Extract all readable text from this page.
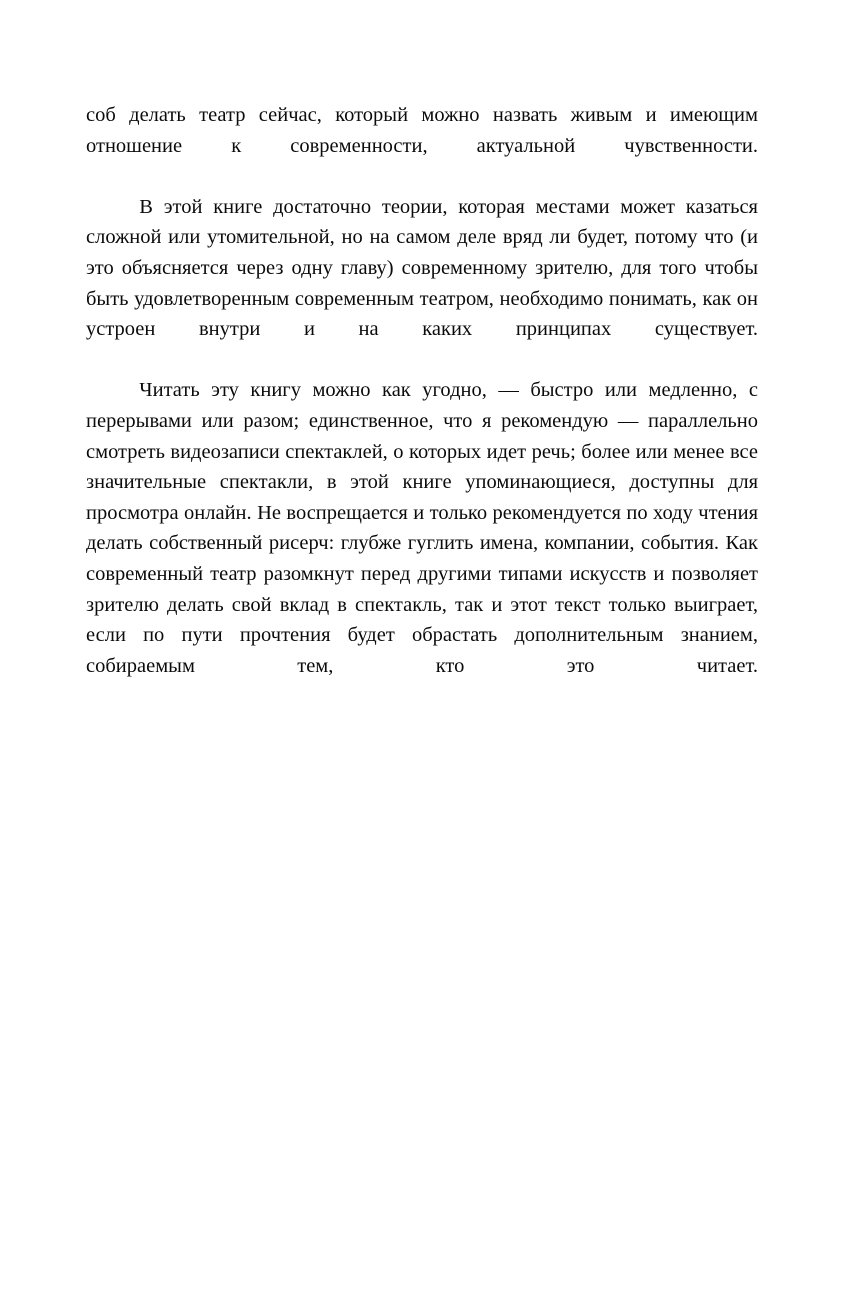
соб делать театр сейчас, который можно назвать живым и имеющим отношение к современности, актуальной чувственности.

В этой книге достаточно теории, которая местами может казаться сложной или утомительной, но на самом деле вряд ли будет, потому что (и это объясняется через одну главу) современному зрителю, для того чтобы быть удовлетворенным современным театром, необходимо понимать, как он устроен внутри и на каких принципах существует.

Читать эту книгу можно как угодно, — быстро или медленно, с перерывами или разом; единственное, что я рекомендую — параллельно смотреть видеозаписи спектаклей, о которых идет речь; более или менее все значительные спектакли, в этой книге упоминающиеся, доступны для просмотра онлайн. Не воспрещается и только рекомендуется по ходу чтения делать собственный рисерч: глубже гуглить имена, компании, события. Как современный театр разомкнут перед другими типами искусств и позволяет зрителю делать свой вклад в спектакль, так и этот текст только выиграет, если по пути прочтения будет обрастать дополнительным знанием, собираемым тем, кто это читает.
